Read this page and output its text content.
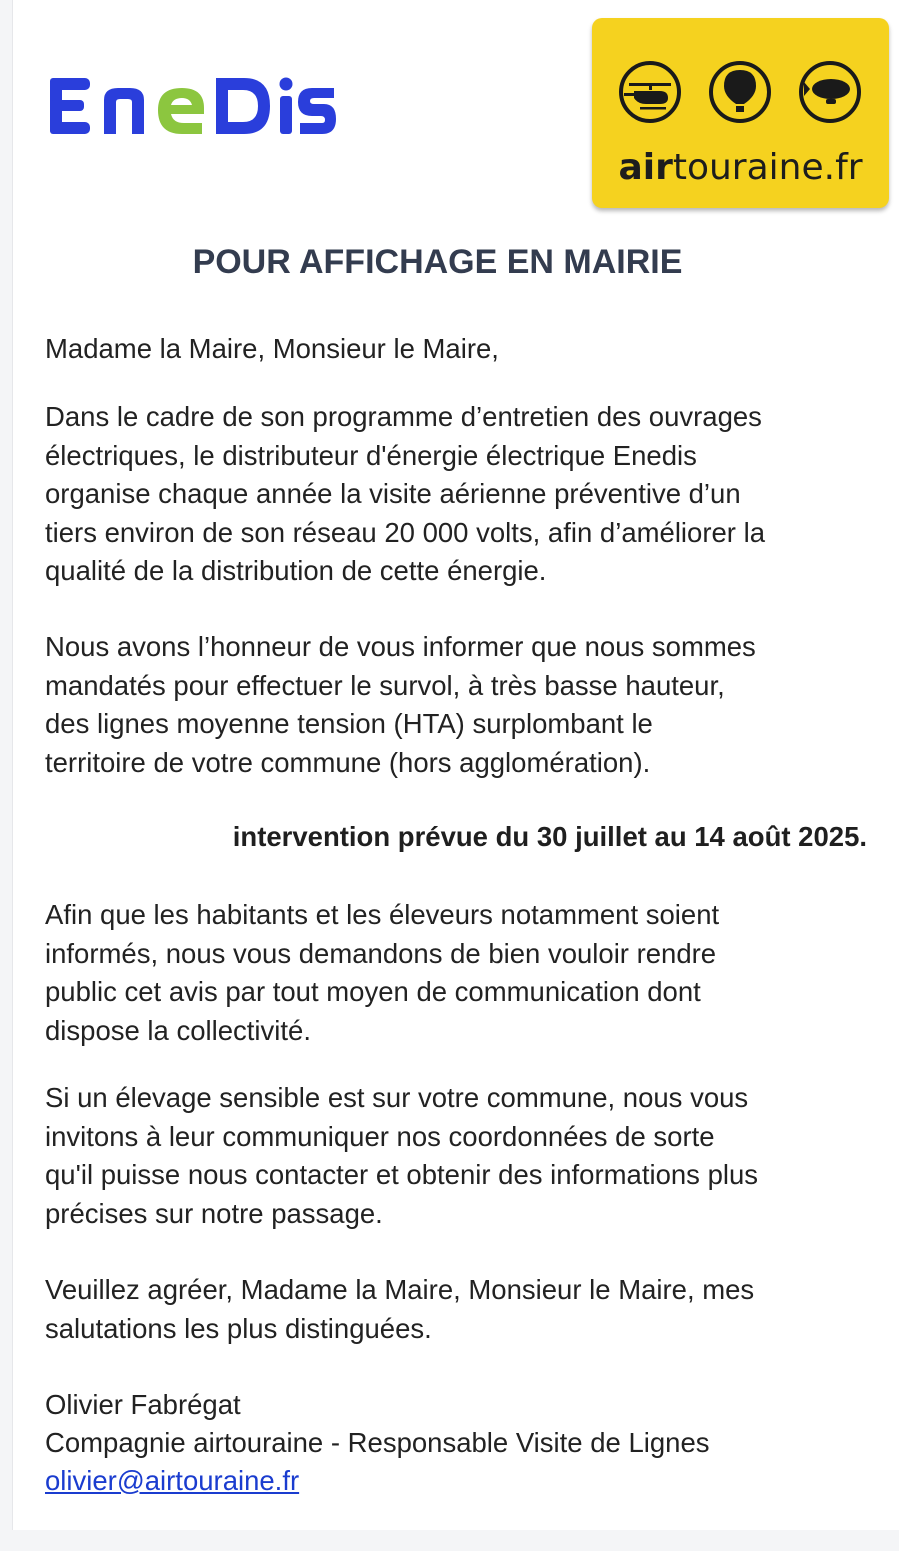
airtouraine.fr
POUR AFFICHAGE EN MAIRIE
Madame la Maire, Monsieur le Maire,
Dans le cadre de son programme d’entretien des ouvrages
électriques, le distributeur d'énergie électrique Enedis
organise chaque année la visite aérienne préventive d’un
tiers environ de son réseau 20 000 volts, afin d’améliorer la
qualité de la distribution de cette énergie.
Nous avons l’honneur de vous informer que nous sommes
mandatés pour effectuer le survol, à très basse hauteur,
des lignes moyenne tension (HTA) surplombant le
territoire de votre commune (hors agglomération).
intervention prévue du 30 juillet au 14 août 2025.
Afin que les habitants et les éleveurs notamment soient
informés, nous vous demandons de bien vouloir rendre
public cet avis par tout moyen de communication dont
dispose la collectivité.
Si un élevage sensible est sur votre commune, nous vous
invitons à leur communiquer nos coordonnées de sorte
qu'il puisse nous contacter et obtenir des informations plus
précises sur notre passage.
Veuillez agréer, Madame la Maire, Monsieur le Maire, mes
salutations les plus distinguées.
Olivier Fabrégat
Compagnie airtouraine - Responsable Visite de Lignes
olivier@airtouraine.fr
